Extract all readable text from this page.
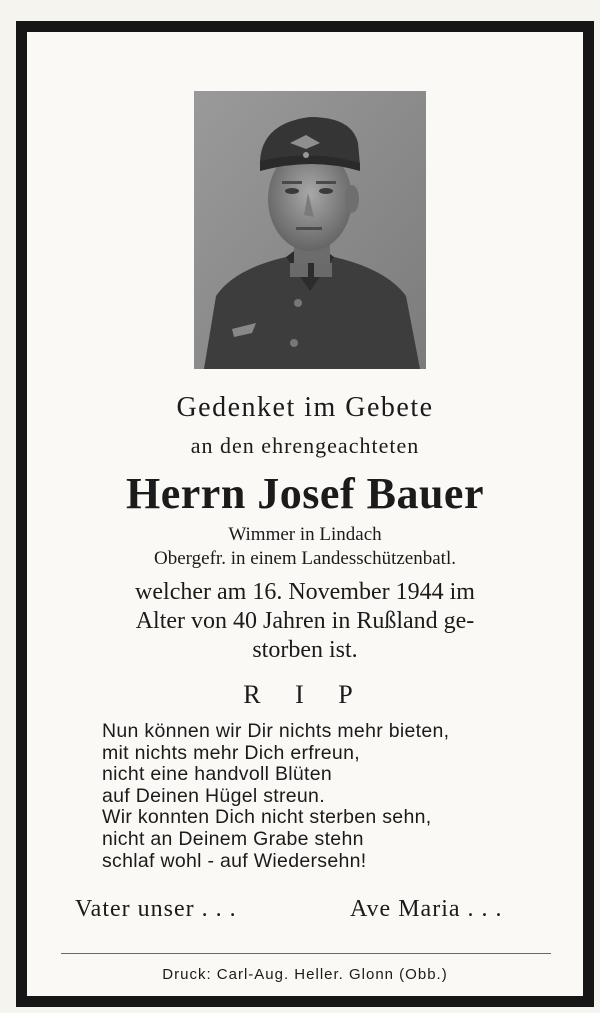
Gedenket im Gebete
an den ehrengeachteten
Herrn Josef Bauer
Wimmer in Lindach
Obergefr. in einem Landesschützenbatl.
welcher am 16. November 1944 im
Alter von 40 Jahren in Rußland ge-
storben ist.
R I P
Nun können wir Dir nichts mehr bieten,
mit nichts mehr Dich erfreun,
nicht eine handvoll Blüten
auf Deinen Hügel streun.
Wir konnten Dich nicht sterben sehn,
nicht an Deinem Grabe stehn
schlaf wohl - auf Wiedersehn!
Vater unser . . .	Ave Maria . . .
Druck: Carl-Aug. Heller. Glonn (Obb.)
